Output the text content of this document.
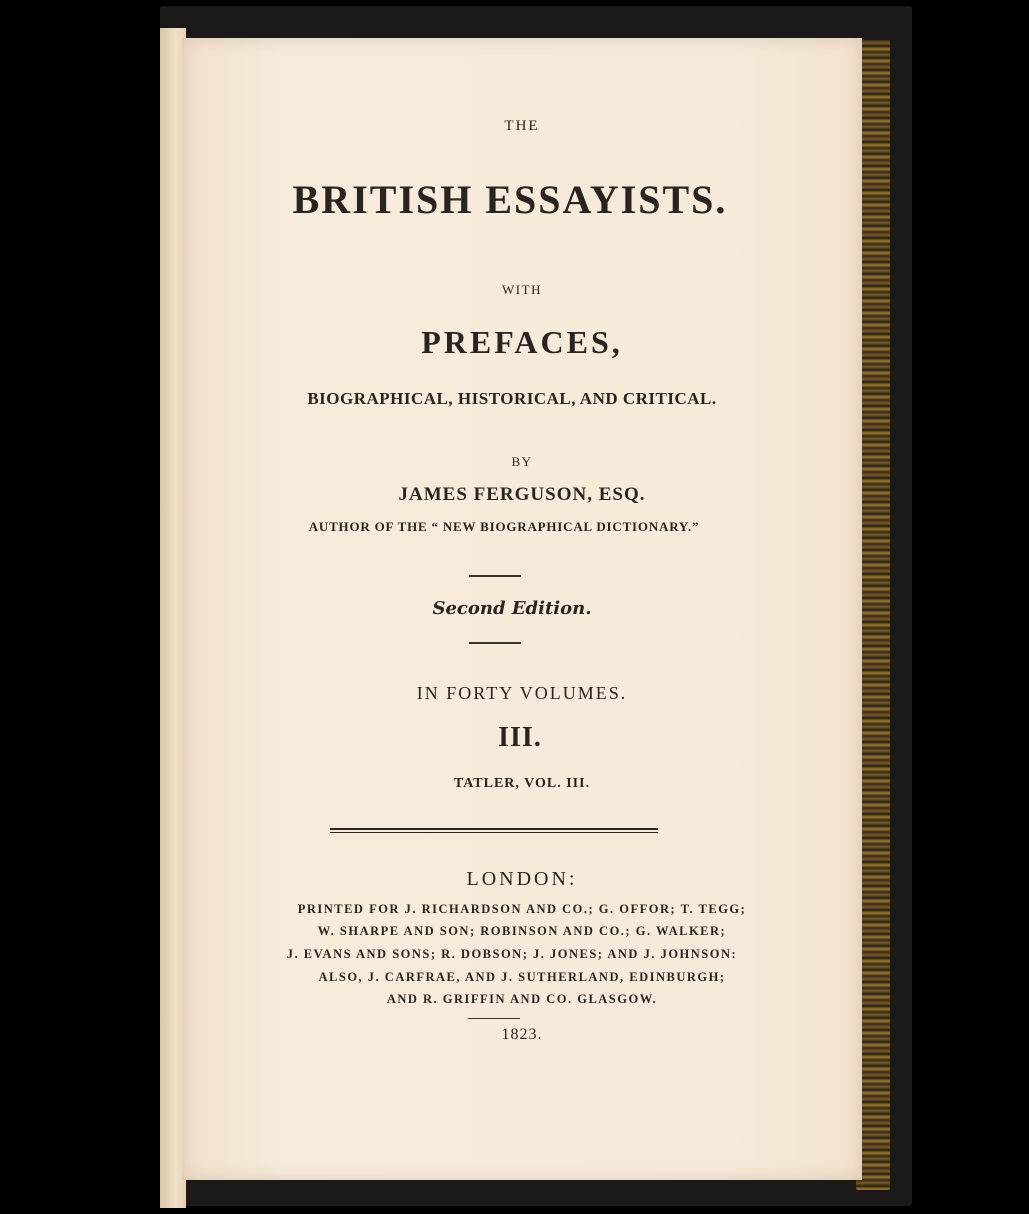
THE
BRITISH ESSAYISTS.
WITH
PREFACES,
BIOGRAPHICAL, HISTORICAL, AND CRITICAL.
BY
JAMES FERGUSON, ESQ.
AUTHOR OF THE “ NEW BIOGRAPHICAL DICTIONARY.”
Second Edition.
IN FORTY VOLUMES.
III.
TATLER, VOL. III.
LONDON:
PRINTED FOR J. RICHARDSON AND CO.; G. OFFOR; T. TEGG;
W. SHARPE AND SON; ROBINSON AND CO.; G. WALKER;
J. EVANS AND SONS; R. DOBSON; J. JONES; AND J. JOHNSON:
ALSO, J. CARFRAE, AND J. SUTHERLAND, EDINBURGH;
AND R. GRIFFIN AND CO. GLASGOW.
1823.
